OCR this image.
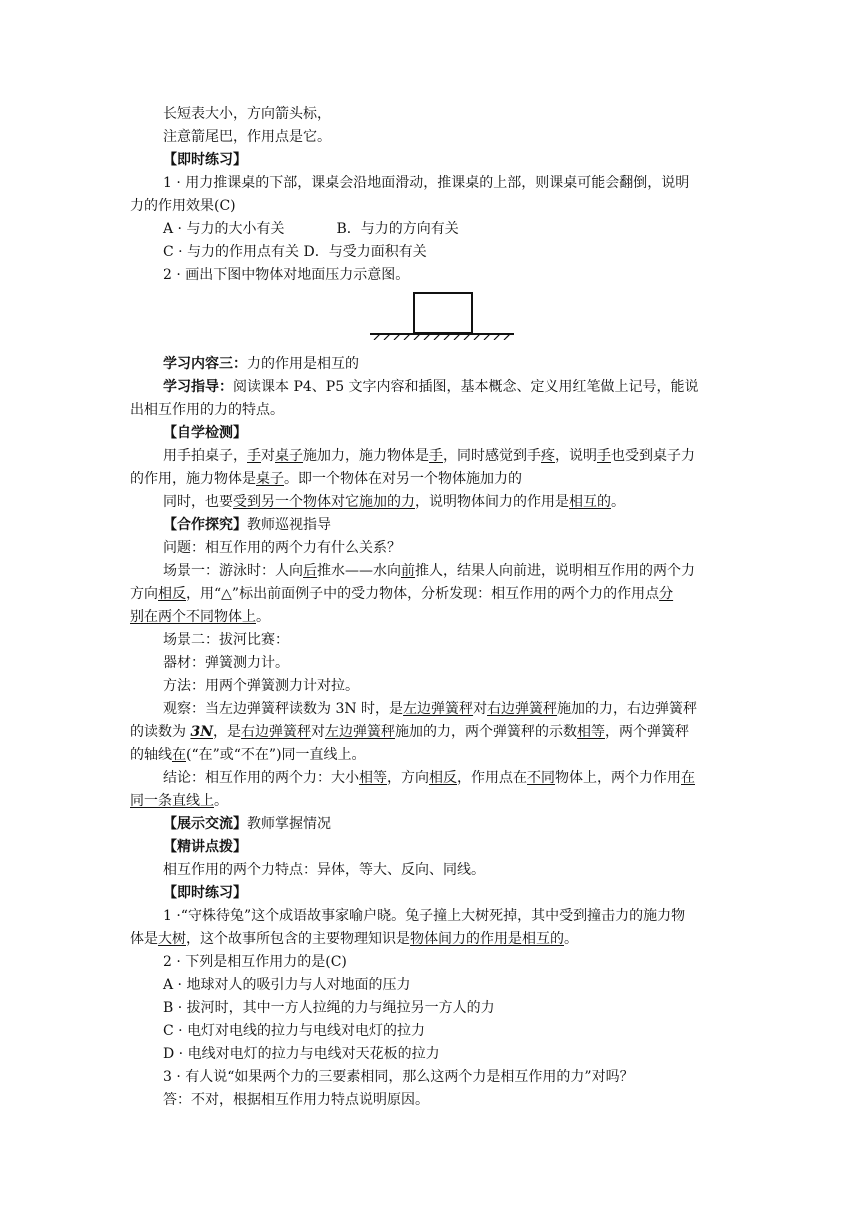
长短表大小，方向箭头标，
注意箭尾巴，作用点是它。
【即时练习】
1 · 用力推课桌的下部，课桌会沿地面滑动，推课桌的上部，则课桌可能会翻倒，说明
力的作用效果(C)
A · 与力的大小有关	B．与力的方向有关
C · 与力的作用点有关 D．与受力面积有关
2 · 画出下图中物体对地面压力示意图。
学习内容三：力的作用是相互的
学习指导：阅读课本 P4、P5 文字内容和插图，基本概念、定义用红笔做上记号，能说
出相互作用的力的特点。
【自学检测】
用手拍桌子，手对桌子施加力，施力物体是手，同时感觉到手疼，说明手也受到桌子力
的作用，施力物体是桌子。即一个物体在对另一个物体施加力的
同时，也要受到另一个物体对它施加的力，说明物体间力的作用是相互的。
【合作探究】教师巡视指导
问题：相互作用的两个力有什么关系？
场景一：游泳时：人向后推水——水向前推人，结果人向前进，说明相互作用的两个力
方向相反，用“△”标出前面例子中的受力物体，分析发现：相互作用的两个力的作用点分
别在两个不同物体上。
场景二：拔河比赛：
器材：弹簧测力计。
方法：用两个弹簧测力计对拉。
观察：当左边弹簧秤读数为 3N 时，是左边弹簧秤对右边弹簧秤施加的力，右边弹簧秤
的读数为 3N，是右边弹簧秤对左边弹簧秤施加的力，两个弹簧秤的示数相等，两个弹簧秤
的轴线在(“在”或“不在”)同一直线上。
结论：相互作用的两个力：大小相等，方向相反，作用点在不同物体上，两个力作用在
同一条直线上。
【展示交流】教师掌握情况
【精讲点拨】
相互作用的两个力特点：异体，等大、反向、同线。
【即时练习】
1 ·“守株待兔”这个成语故事家喻户晓。兔子撞上大树死掉，其中受到撞击力的施力物
体是大树，这个故事所包含的主要物理知识是物体间力的作用是相互的。
2 · 下列是相互作用力的是(C)
A · 地球对人的吸引力与人对地面的压力
B · 拔河时，其中一方人拉绳的力与绳拉另一方人的力
C · 电灯对电线的拉力与电线对电灯的拉力
D · 电线对电灯的拉力与电线对天花板的拉力
3 · 有人说“如果两个力的三要素相同，那么这两个力是相互作用的力”对吗？
答：不对，根据相互作用力特点说明原因。
